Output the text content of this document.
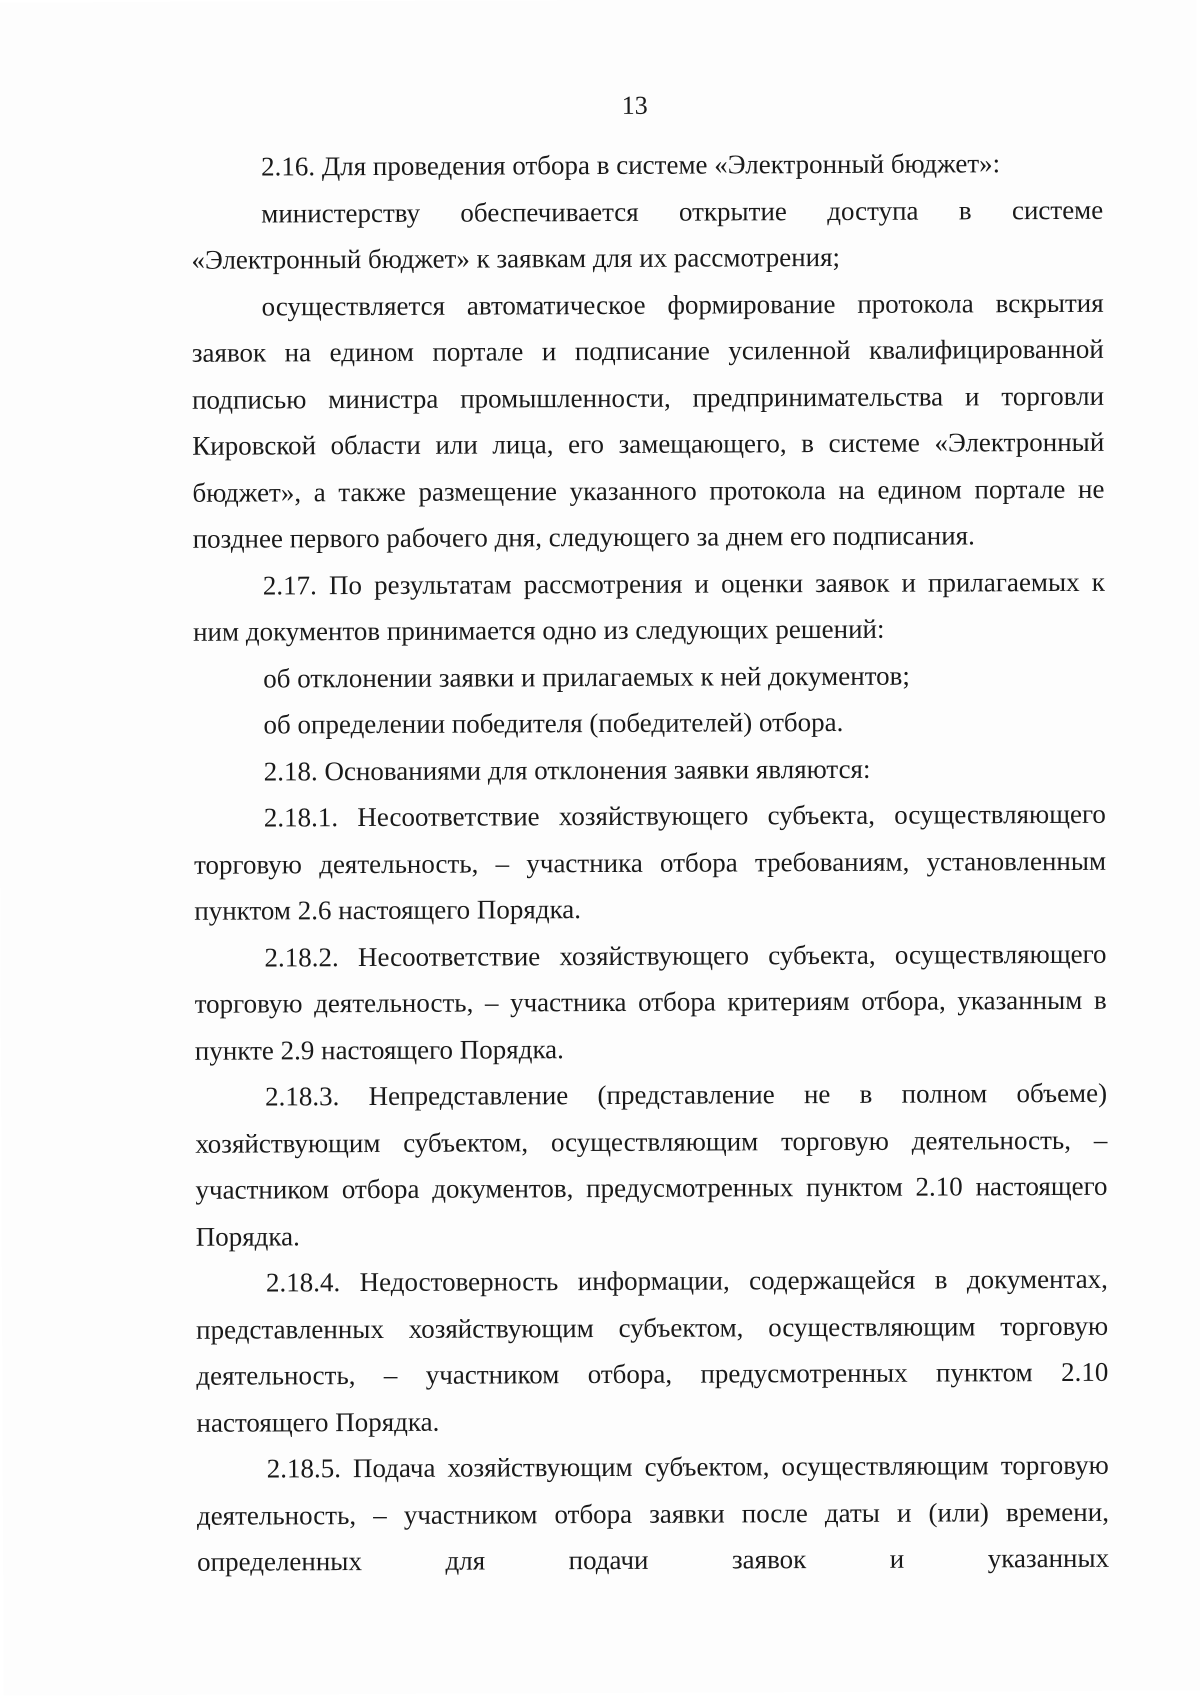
13

2.16. Для проведения отбора в системе «Электронный бюджет»:

министерству обеспечивается открытие доступа в системе «Электронный бюджет» к заявкам для их рассмотрения;

осуществляется автоматическое формирование протокола вскрытия заявок на едином портале и подписание усиленной квалифицированной подписью министра промышленности, предпринимательства и торговли Кировской области или лица, его замещающего, в системе «Электронный бюджет», а также размещение указанного протокола на едином портале не позднее первого рабочего дня, следующего за днем его подписания.

2.17. По результатам рассмотрения и оценки заявок и прилагаемых к ним документов принимается одно из следующих решений:

об отклонении заявки и прилагаемых к ней документов;

об определении победителя (победителей) отбора.

2.18. Основаниями для отклонения заявки являются:

2.18.1. Несоответствие хозяйствующего субъекта, осуществляющего торговую деятельность, – участника отбора требованиям, установленным пунктом 2.6 настоящего Порядка.

2.18.2. Несоответствие хозяйствующего субъекта, осуществляющего торговую деятельность, – участника отбора критериям отбора, указанным в пункте 2.9 настоящего Порядка.

2.18.3. Непредставление (представление не в полном объеме) хозяйствующим субъектом, осуществляющим торговую деятельность, – участником отбора документов, предусмотренных пунктом 2.10 настоящего Порядка.

2.18.4. Недостоверность информации, содержащейся в документах, представленных хозяйствующим субъектом, осуществляющим торговую деятельность, – участником отбора, предусмотренных пунктом 2.10 настоящего Порядка.

2.18.5. Подача хозяйствующим субъектом, осуществляющим торговую деятельность, – участником отбора заявки после даты и (или) времени, определенных для подачи заявок и указанных
